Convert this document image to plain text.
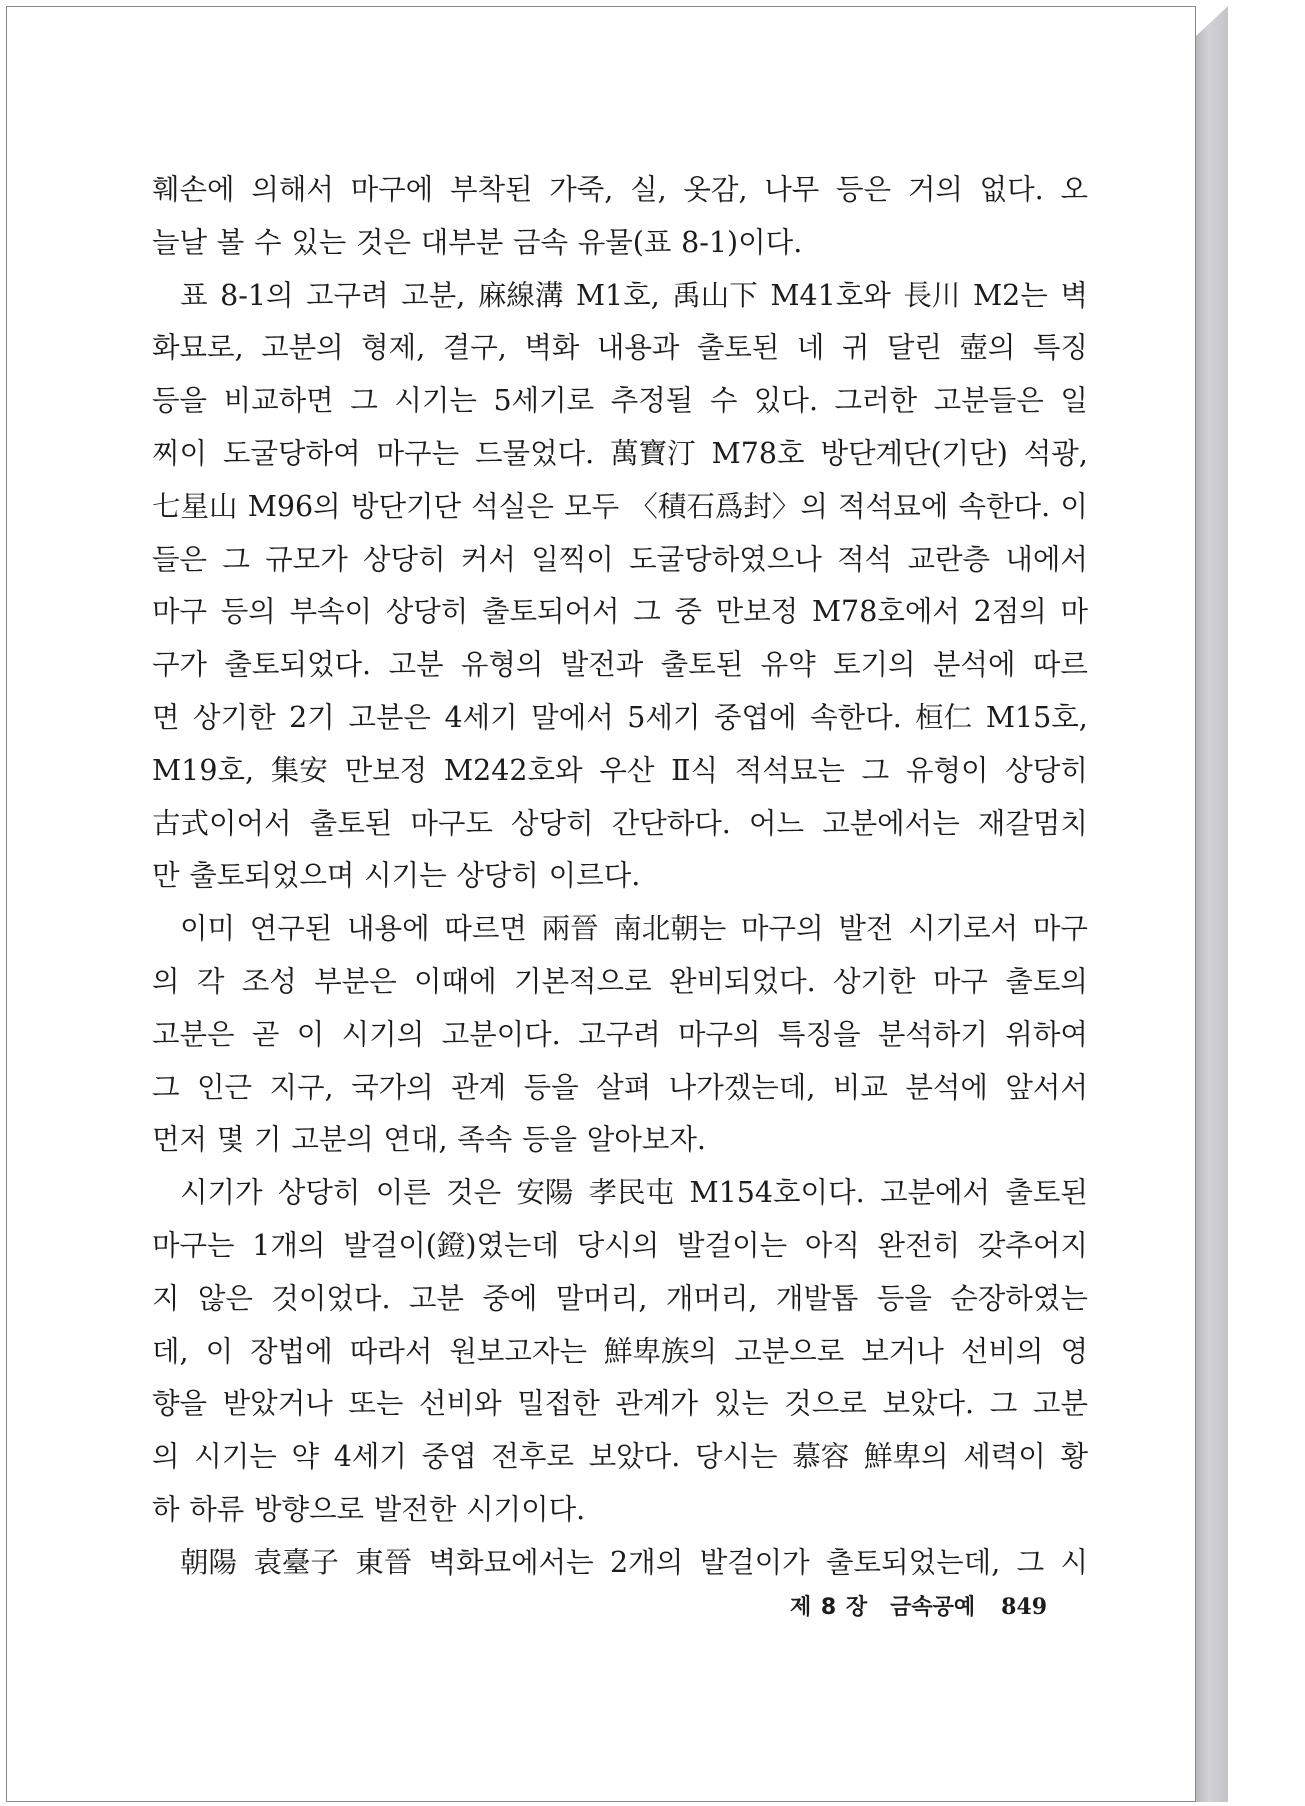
훼손에 의해서 마구에 부착된 가죽, 실, 옷감, 나무 등은 거의 없다. 오
늘날 볼 수 있는 것은 대부분 금속 유물(표 8-1)이다.
표 8-1의 고구려 고분, 麻線溝 M1호, 禹山下 M41호와 長川 M2는 벽
화묘로, 고분의 형제, 결구, 벽화 내용과 출토된 네 귀 달린 壺의 특징
등을 비교하면 그 시기는 5세기로 추정될 수 있다. 그러한 고분들은 일
찌이 도굴당하여 마구는 드물었다. 萬寶汀 M78호 방단계단(기단) 석광,
七星山 M96의 방단기단 석실은 모두 〈積石爲封〉의 적석묘에 속한다. 이
들은 그 규모가 상당히 커서 일찍이 도굴당하였으나 적석 교란층 내에서
마구 등의 부속이 상당히 출토되어서 그 중 만보정 M78호에서 2점의 마
구가 출토되었다. 고분 유형의 발전과 출토된 유약 토기의 분석에 따르
면 상기한 2기 고분은 4세기 말에서 5세기 중엽에 속한다. 桓仁 M15호,
M19호, 集安 만보정 M242호와 우산 Ⅱ식 적석묘는 그 유형이 상당히
古式이어서 출토된 마구도 상당히 간단하다. 어느 고분에서는 재갈멈치
만 출토되었으며 시기는 상당히 이르다.
이미 연구된 내용에 따르면 兩晉 南北朝는 마구의 발전 시기로서 마구
의 각 조성 부분은 이때에 기본적으로 완비되었다. 상기한 마구 출토의
고분은 곧 이 시기의 고분이다. 고구려 마구의 특징을 분석하기 위하여
그 인근 지구, 국가의 관계 등을 살펴 나가겠는데, 비교 분석에 앞서서
먼저 몇 기 고분의 연대, 족속 등을 알아보자.
시기가 상당히 이른 것은 安陽 孝民屯 M154호이다. 고분에서 출토된
마구는 1개의 발걸이(鐙)였는데 당시의 발걸이는 아직 완전히 갖추어지
지 않은 것이었다. 고분 중에 말머리, 개머리, 개발톱 등을 순장하였는
데, 이 장법에 따라서 원보고자는 鮮卑族의 고분으로 보거나 선비의 영
향을 받았거나 또는 선비와 밀접한 관계가 있는 것으로 보았다. 그 고분
의 시기는 약 4세기 중엽 전후로 보았다. 당시는 慕容 鮮卑의 세력이 황
하 하류 방향으로 발전한 시기이다.
朝陽 袁臺子 東晉 벽화묘에서는 2개의 발걸이가 출토되었는데, 그 시
제 8 장 금속공예 849
